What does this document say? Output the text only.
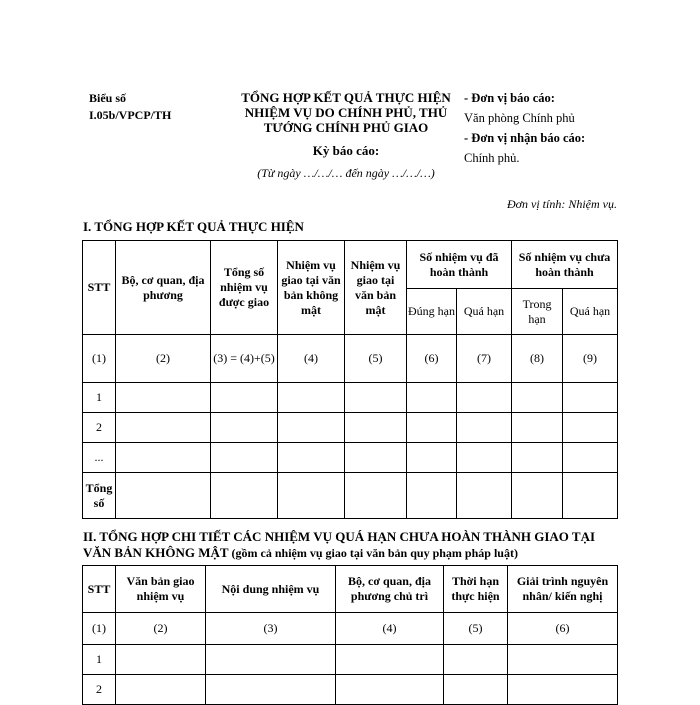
Biểu số
I.05b/VPCP/TH
TỔNG HỢP KẾT QUẢ THỰC HIỆN
NHIỆM VỤ DO CHÍNH PHỦ, THỦ
TƯỚNG CHÍNH PHỦ GIAO
Kỳ báo cáo:
(Từ ngày …/…/… đến ngày …/…/…)
- Đơn vị báo cáo:
Văn phòng Chính phủ
- Đơn vị nhận báo cáo:
Chính phủ.
Đơn vị tính: Nhiệm vụ.
I. TỔNG HỢP KẾT QUẢ THỰC HIỆN
STT	Bộ, cơ quan, địa phương	Tổng số nhiệm vụ được giao	Nhiệm vụ giao tại văn bản không mật	Nhiệm vụ giao tại văn bản mật	Số nhiệm vụ đã hoàn thành		Số nhiệm vụ chưa hoàn thành	
					Đúng hạn	Quá hạn	Trong hạn	Quá hạn
(1)	(2)	(3) = (4)+(5)	(4)	(5)	(6)	(7)	(8)	(9)
1								
2								
...								
Tổng số								
II. TỔNG HỢP CHI TIẾT CÁC NHIỆM VỤ QUÁ HẠN CHƯA HOÀN THÀNH GIAO TẠI VĂN BẢN KHÔNG MẬT (gồm cả nhiệm vụ giao tại văn bản quy phạm pháp luật)
STT	Văn bản giao nhiệm vụ	Nội dung nhiệm vụ	Bộ, cơ quan, địa phương chủ trì	Thời hạn thực hiện	Giải trình nguyên nhân/ kiến nghị
(1)	(2)	(3)	(4)	(5)	(6)
1					
2					
